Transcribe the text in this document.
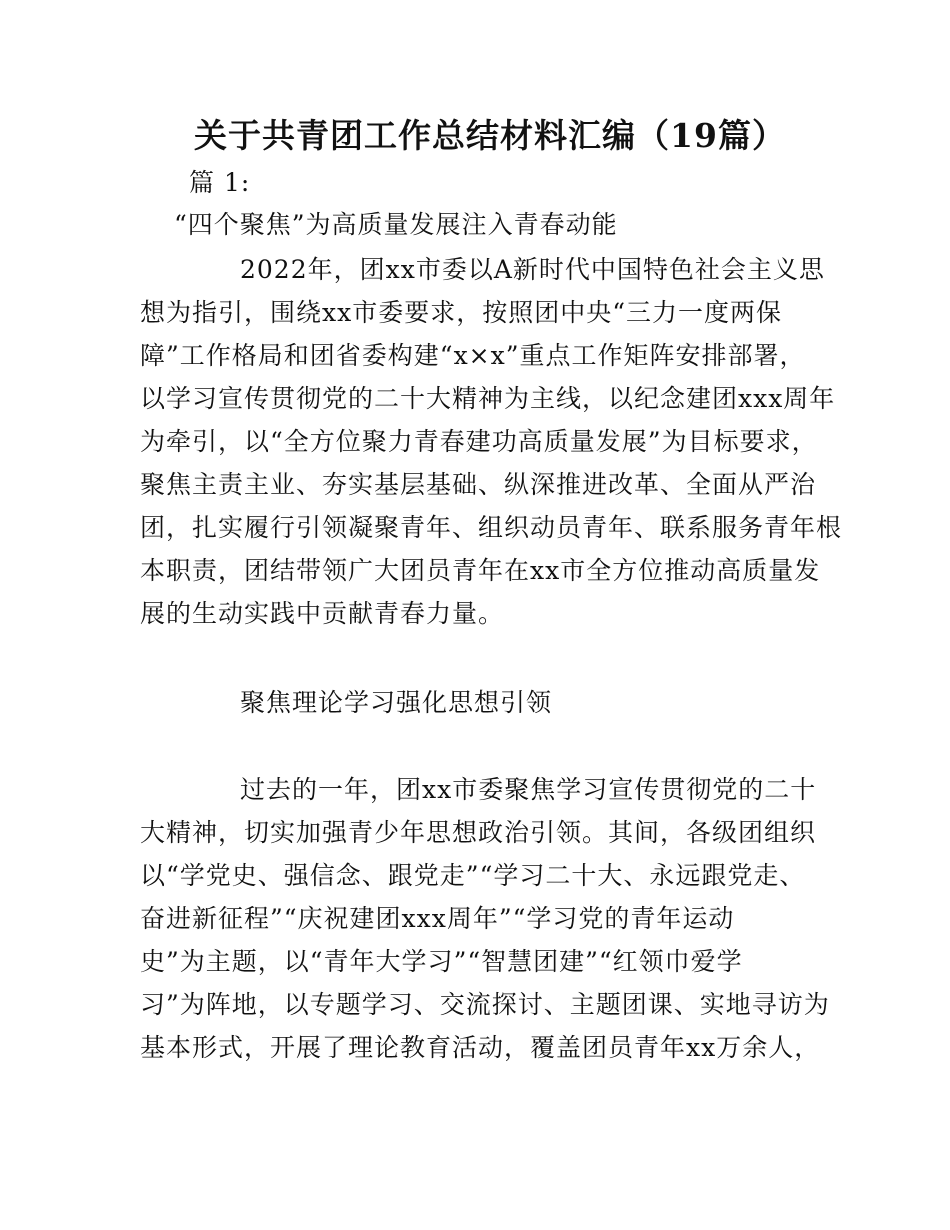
关于共青团工作总结材料汇编（19篇）
篇 1:
“四个聚焦”为高质量发展注入青春动能
2022年，团xx市委以A新时代中国特色社会主义思
想为指引，围绕xx市委要求，按照团中央“三力一度两保
障”工作格局和团省委构建“x×x”重点工作矩阵安排部署，
以学习宣传贯彻党的二十大精神为主线，以纪念建团xxx周年
为牵引，以“全方位聚力青春建功高质量发展”为目标要求，
聚焦主责主业、夯实基层基础、纵深推进改革、全面从严治
团，扎实履行引领凝聚青年、组织动员青年、联系服务青年根
本职责，团结带领广大团员青年在xx市全方位推动高质量发
展的生动实践中贡献青春力量。
聚焦理论学习强化思想引领
过去的一年，团xx市委聚焦学习宣传贯彻党的二十
大精神，切实加强青少年思想政治引领。其间，各级团组织
以“学党史、强信念、跟党走”“学习二十大、永远跟党走、
奋进新征程”“庆祝建团xxx周年”“学习党的青年运动
史”为主题，以“青年大学习”“智慧团建”“红领巾爱学
习”为阵地，以专题学习、交流探讨、主题团课、实地寻访为
基本形式，开展了理论教育活动，覆盖团员青年xx万余人，
